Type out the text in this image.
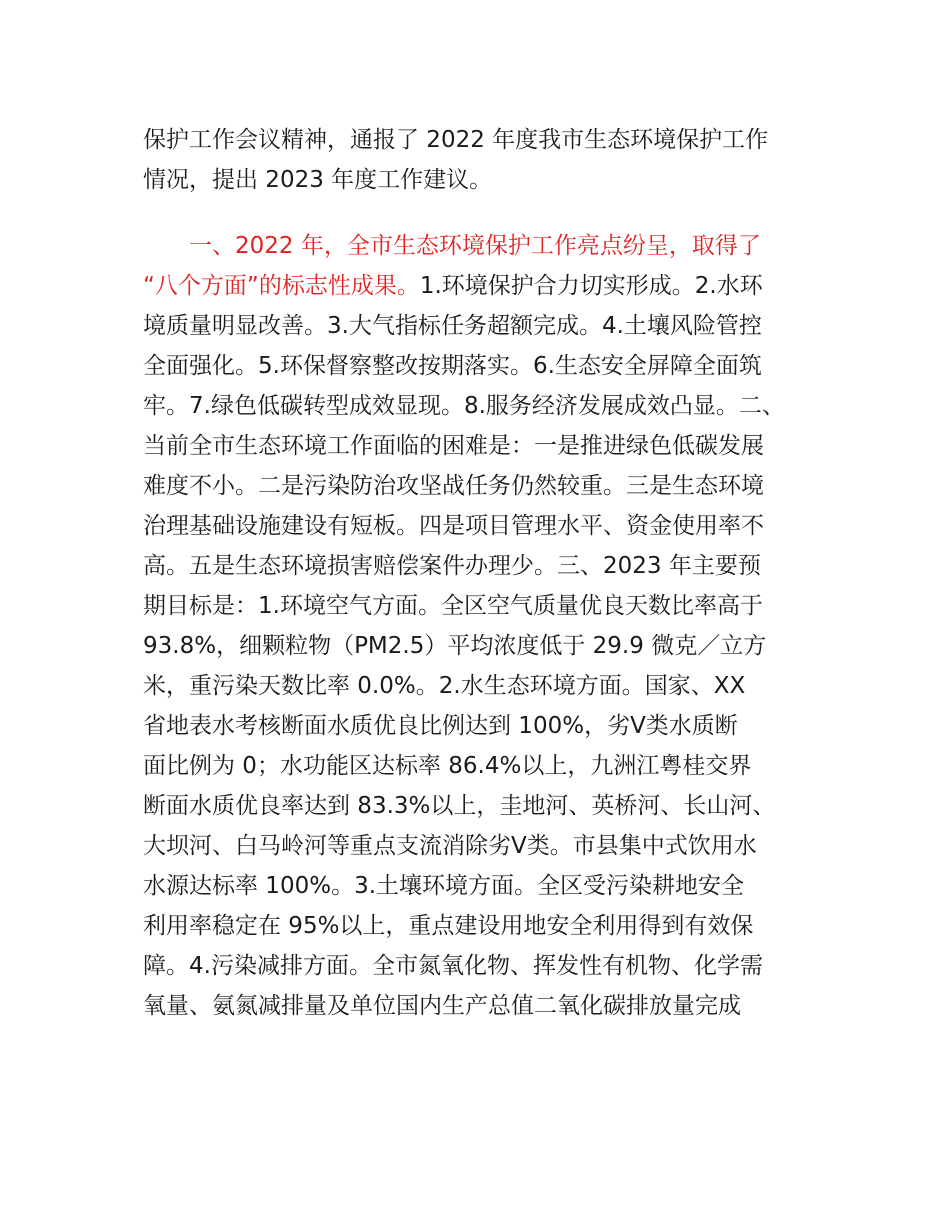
保护工作会议精神，通报了 2022 年度我市生态环境保护工作
情况，提出 2023 年度工作建议。
　　一、2022 年，全市生态环境保护工作亮点纷呈，取得了
“八个方面”的标志性成果。1.环境保护合力切实形成。2.水环
境质量明显改善。3.大气指标任务超额完成。4.土壤风险管控
全面强化。5.环保督察整改按期落实。6.生态安全屏障全面筑
牢。7.绿色低碳转型成效显现。8.服务经济发展成效凸显。二、
当前全市生态环境工作面临的困难是：一是推进绿色低碳发展
难度不小。二是污染防治攻坚战任务仍然较重。三是生态环境
治理基础设施建设有短板。四是项目管理水平、资金使用率不
高。五是生态环境损害赔偿案件办理少。三、2023 年主要预
期目标是：1.环境空气方面。全区空气质量优良天数比率高于
93.8%，细颗粒物（PM2.5）平均浓度低于 29.9 微克／立方
米，重污染天数比率 0.0%。2.水生态环境方面。国家、XX
省地表水考核断面水质优良比例达到 100%，劣Ⅴ类水质断
面比例为 0；水功能区达标率 86.4%以上，九洲江粤桂交界
断面水质优良率达到 83.3%以上，圭地河、英桥河、长山河、
大坝河、白马岭河等重点支流消除劣V类。市县集中式饮用水
水源达标率 100%。3.土壤环境方面。全区受污染耕地安全
利用率稳定在 95%以上，重点建设用地安全利用得到有效保
障。4.污染减排方面。全市氮氧化物、挥发性有机物、化学需
氧量、氨氮减排量及单位国内生产总值二氧化碳排放量完成
